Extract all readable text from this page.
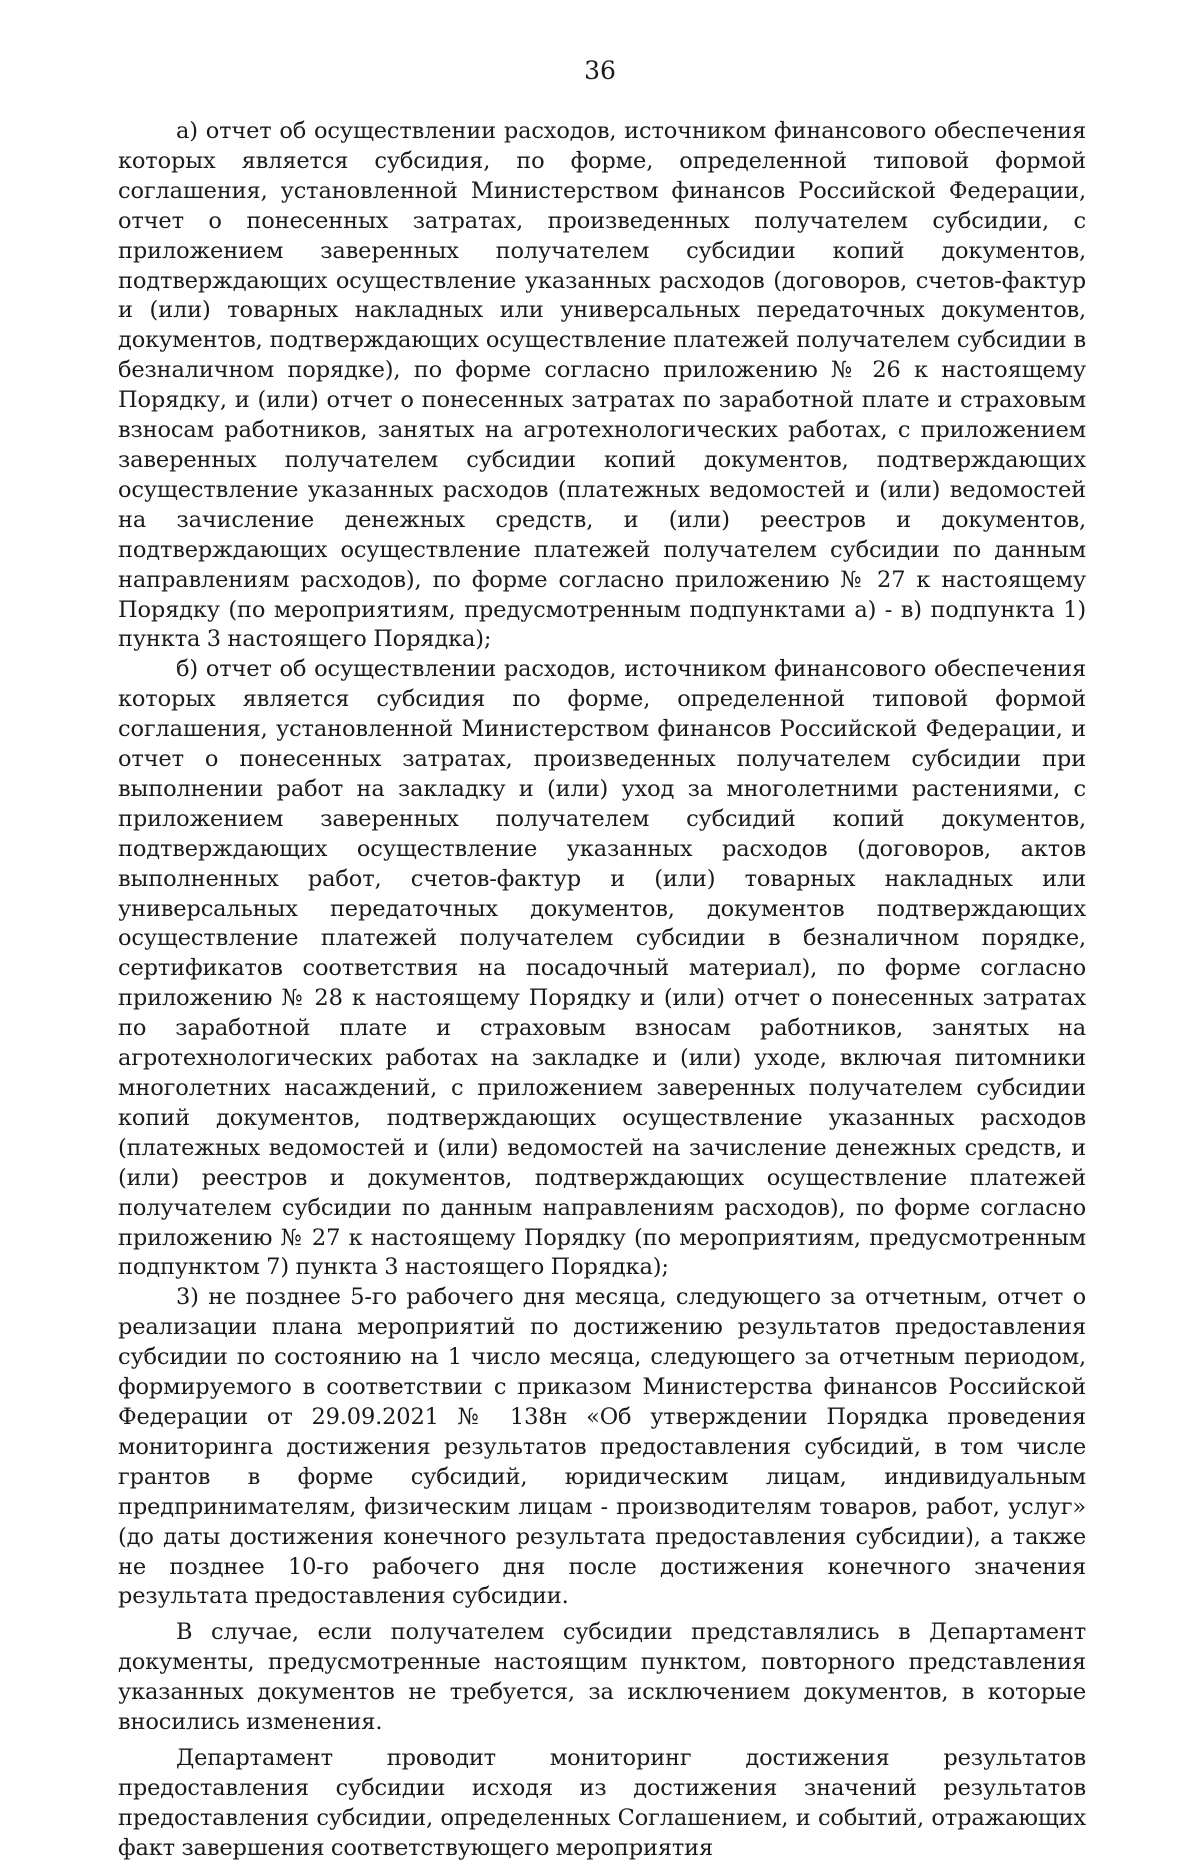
36

а) отчет об осуществлении расходов, источником финансового обеспечения которых является субсидия, по форме, определенной типовой формой соглашения, установленной Министерством финансов Российской Федерации, отчет о понесенных затратах, произведенных получателем субсидии, с приложением заверенных получателем субсидии копий документов, подтверждающих осуществление указанных расходов (договоров, счетов-фактур и (или) товарных накладных или универсальных передаточных документов, документов, подтверждающих осуществление платежей получателем субсидии в безналичном порядке), по форме согласно приложению № 26 к настоящему Порядку, и (или) отчет о понесенных затратах по заработной плате и страховым взносам работников, занятых на агротехнологических работах, с приложением заверенных получателем субсидии копий документов, подтверждающих осуществление указанных расходов (платежных ведомостей и (или) ведомостей на зачисление денежных средств, и (или) реестров и документов, подтверждающих осуществление платежей получателем субсидии по данным направлениям расходов), по форме согласно приложению № 27 к настоящему Порядку (по мероприятиям, предусмотренным подпунктами а) - в) подпункта 1) пункта 3 настоящего Порядка);

б) отчет об осуществлении расходов, источником финансового обеспечения которых является субсидия по форме, определенной типовой формой соглашения, установленной Министерством финансов Российской Федерации, и отчет о понесенных затратах, произведенных получателем субсидии при выполнении работ на закладку и (или) уход за многолетними растениями, с приложением заверенных получателем субсидий копий документов, подтверждающих осуществление указанных расходов (договоров, актов выполненных работ, счетов-фактур и (или) товарных накладных или универсальных передаточных документов, документов подтверждающих осуществление платежей получателем субсидии в безналичном порядке, сертификатов соответствия на посадочный материал), по форме согласно приложению № 28 к настоящему Порядку и (или) отчет о понесенных затратах по заработной плате и страховым взносам работников, занятых на агротехнологических работах на закладке и (или) уходе, включая питомники многолетних насаждений, с приложением заверенных получателем субсидии копий документов, подтверждающих осуществление указанных расходов (платежных ведомостей и (или) ведомостей на зачисление денежных средств, и (или) реестров и документов, подтверждающих осуществление платежей получателем субсидии по данным направлениям расходов), по форме согласно приложению № 27 к настоящему Порядку (по мероприятиям, предусмотренным подпунктом 7) пункта 3 настоящего Порядка);

3) не позднее 5-го рабочего дня месяца, следующего за отчетным, отчет о реализации плана мероприятий по достижению результатов предоставления субсидии по состоянию на 1 число месяца, следующего за отчетным периодом, формируемого в соответствии с приказом Министерства финансов Российской Федерации от 29.09.2021 № 138н «Об утверждении Порядка проведения мониторинга достижения результатов предоставления субсидий, в том числе грантов в форме субсидий, юридическим лицам, индивидуальным предпринимателям, физическим лицам - производителям товаров, работ, услуг» (до даты достижения конечного результата предоставления субсидии), а также не позднее 10-го рабочего дня после достижения конечного значения результата предоставления субсидии.

В случае, если получателем субсидии представлялись в Департамент документы, предусмотренные настоящим пунктом, повторного представления указанных документов не требуется, за исключением документов, в которые вносились изменения.

Департамент проводит мониторинг достижения результатов предоставления субсидии исходя из достижения значений результатов предоставления субсидии, определенных Соглашением, и событий, отражающих факт завершения соответствующего мероприятия
